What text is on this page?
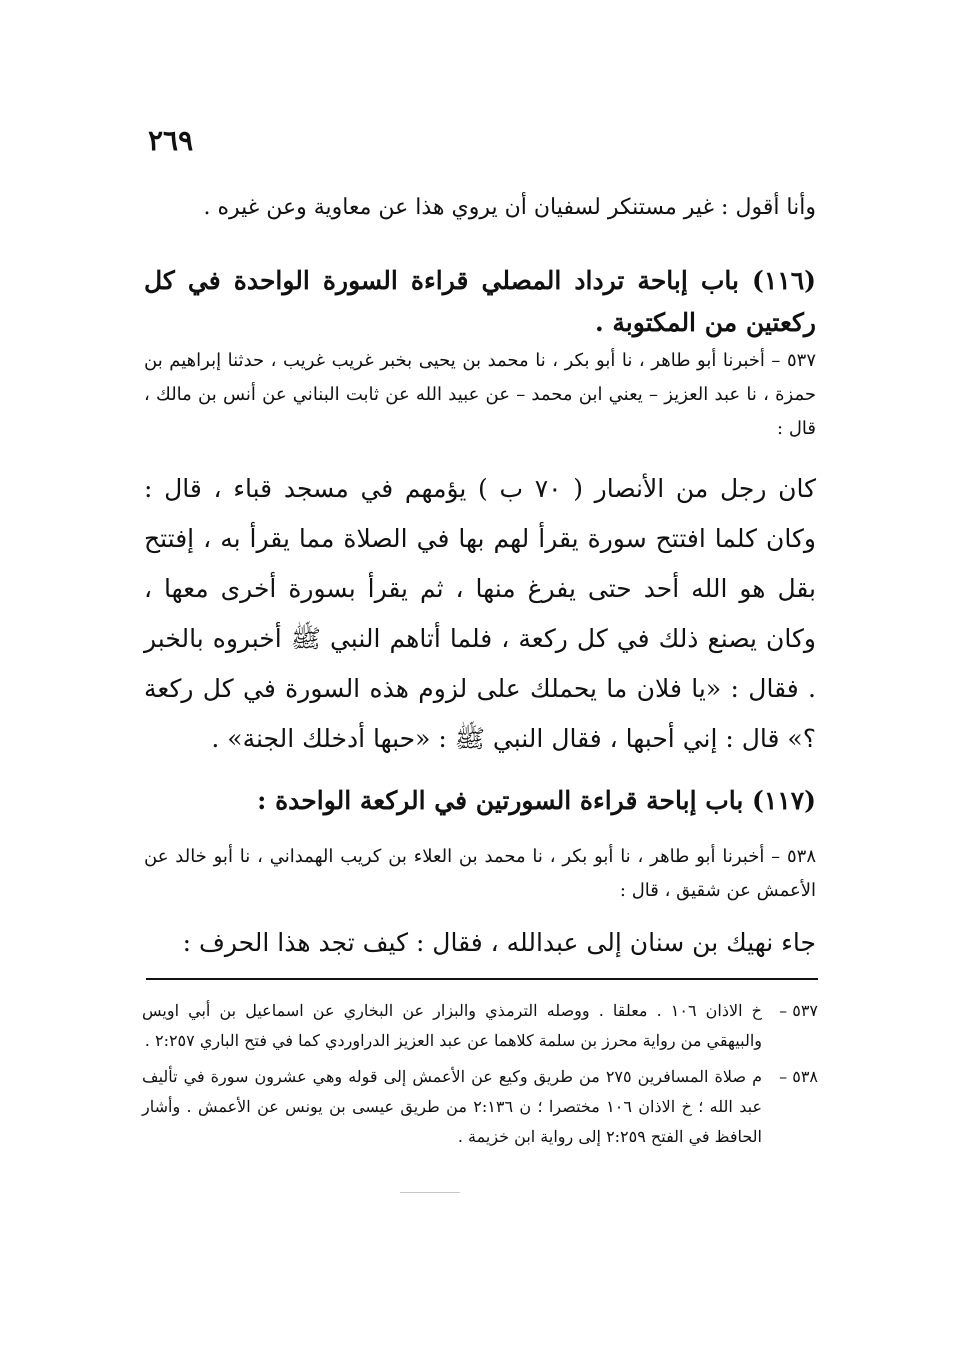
٢٦٩
وأنا أقول : غير مستنكر لسفيان أن يروي هذا عن معاوية وعن غيره .
(١١٦) باب إباحة ترداد المصلي قراءة السورة الواحدة في كل ركعتين من المكتوبة .
٥٣٧ – أخبرنا أبو طاهر ، نا أبو بكر ، نا محمد بن يحيى بخبر غريب غريب ، حدثنا إبراهيم بن حمزة ، نا عبد العزيز – يعني ابن محمد – عن عبيد الله عن ثابت البناني عن أنس بن مالك ، قال :
كان رجل من الأنصار ( ٧٠ ب ) يؤمهم في مسجد قباء ، قال : وكان كلما افتتح سورة يقرأ لهم بها في الصلاة مما يقرأ به ، إفتتح بقل هو الله أحد حتى يفرغ منها ، ثم يقرأ بسورة أخرى معها ، وكان يصنع ذلك في كل ركعة ، فلما أتاهم النبي ﷺ أخبروه بالخبر . فقال : «يا فلان ما يحملك على لزوم هذه السورة في كل ركعة ؟» قال : إني أحبها ، فقال النبي ﷺ : «حبها أدخلك الجنة» .
(١١٧) باب إباحة قراءة السورتين في الركعة الواحدة :
٥٣٨ – أخبرنا أبو طاهر ، نا أبو بكر ، نا محمد بن العلاء بن كريب الهمداني ، نا أبو خالد عن الأعمش عن شقيق ، قال :
جاء نهيك بن سنان إلى عبدالله ، فقال : كيف تجد هذا الحرف :
٥٣٧ –
خ الاذان ١٠٦ . معلقا . ووصله الترمذي والبزار عن البخاري عن اسماعيل بن أبي اويس والبيهقي من رواية محرز بن سلمة كلاهما عن عبد العزيز الدراوردي كما في فتح الباري ٢:٢٥٧ .
٥٣٨ –
م صلاة المسافرين ٢٧٥ من طريق وكيع عن الأعمش إلى قوله وهي عشرون سورة في تأليف عبد الله ؛ خ الاذان ١٠٦ مختصرا ؛ ن ٢:١٣٦ من طريق عيسى بن يونس عن الأعمش . وأشار الحافظ في الفتح ٢:٢٥٩ إلى رواية ابن خزيمة .
